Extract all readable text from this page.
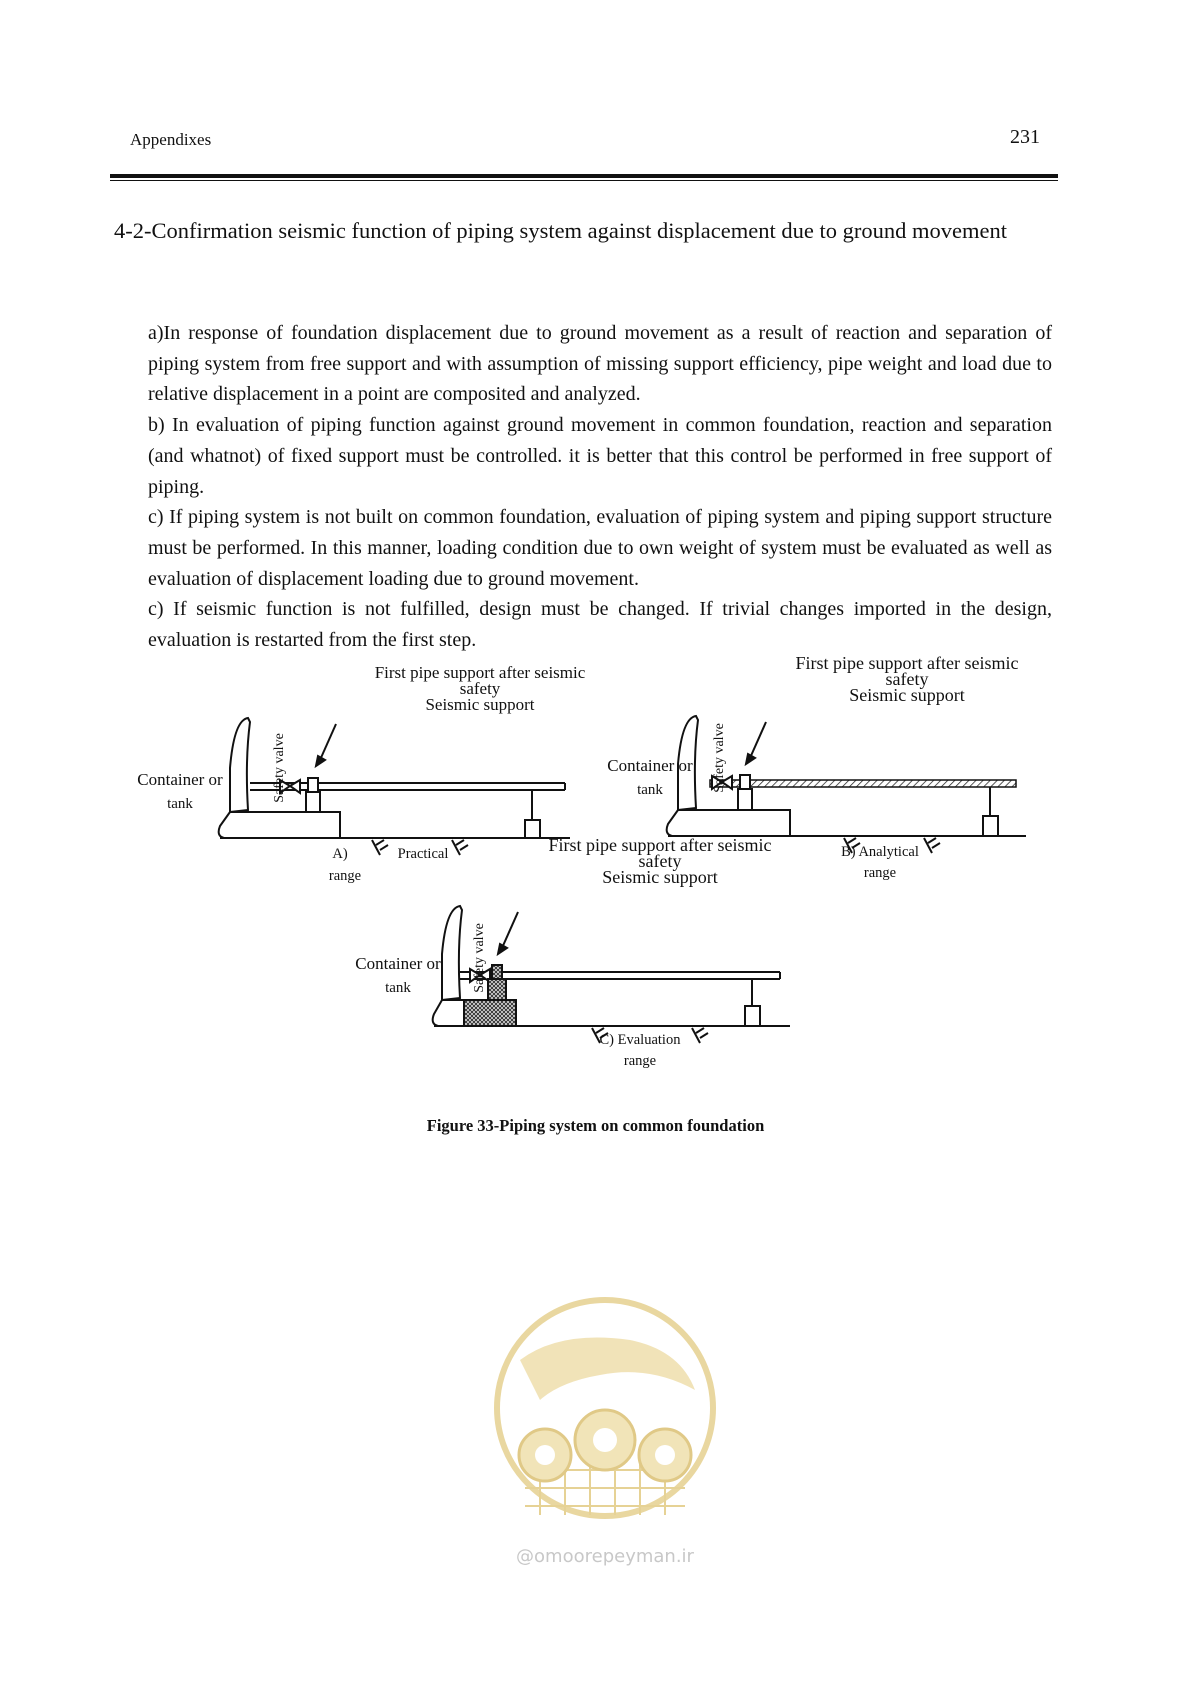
Appendixes	231
4-2-Confirmation seismic function of piping system against displacement due to ground movement

a)In response of foundation displacement due to ground movement as a result of reaction and separation of piping system from free support and with assumption of missing support efficiency, pipe weight and load due to relative displacement in a point are composited and analyzed.

b) In evaluation of piping function against ground movement in common foundation, reaction and separation (and whatnot) of fixed support must be controlled. it is better that this control be performed in free support of piping.

c) If piping system is not built on common foundation, evaluation of piping system and piping support structure must be performed. In this manner, loading condition due to own weight of system must be evaluated as well as evaluation of displacement loading due to ground movement.

c) If seismic function is not fulfilled, design must be changed. If trivial changes imported in the design, evaluation is restarted from the first step.

First pipe support after seismic
safety
Seismic support
Container or
tank
Safety valve
A)	Practical
range
First pipe support after seismic
safety
Seismic support
Container or
tank	Safety valve
B) Analytical
range
First pipe support after seismic
safety
Seismic support
Container or
tank	Safety valve
C) Evaluation
range
Figure 33-Piping system on common foundation
@omoorepeyman.ir
